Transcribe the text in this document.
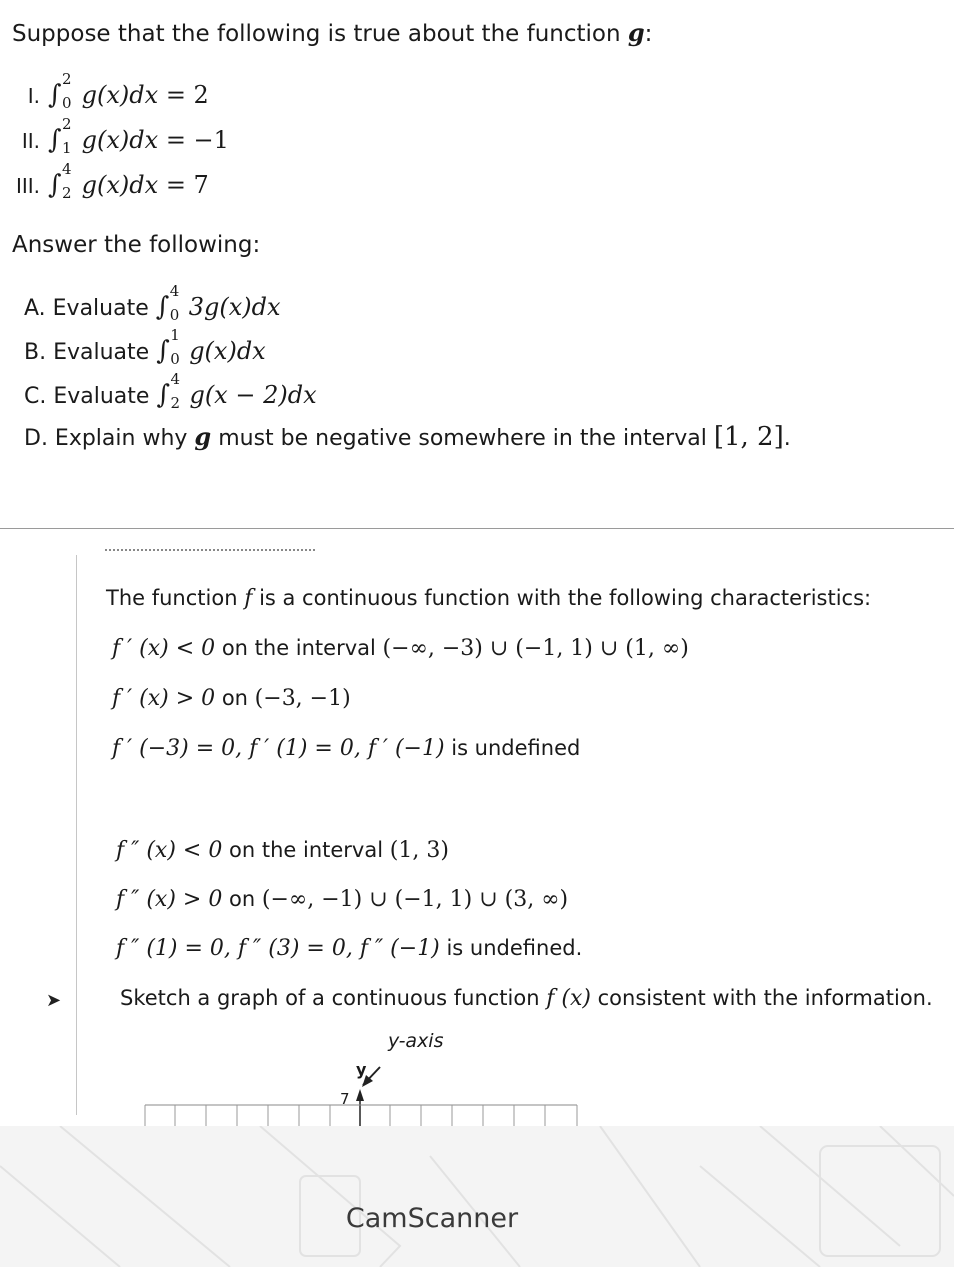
Suppose that the following is true about the function g:
I. ∫
2
0 g(x)dx = 2
II. ∫
2
1 g(x)dx = −1
III. ∫
4
2 g(x)dx = 7
Answer the following:
A. Evaluate ∫
4
0 3g(x)dx
B. Evaluate ∫
1
0 g(x)dx
C. Evaluate ∫
4
2 g(x − 2)dx
D. Explain why g must be negative somewhere in the interval [1, 2].
The function f is a continuous function with the following characteristics:
f ′ (x) < 0 on the interval (−∞, −3) ∪ (−1, 1) ∪ (1, ∞)
f ′ (x) > 0 on (−3, −1)
f ′ (−3) = 0, f ′ (1) = 0, f ′ (−1) is undefined
f ″ (x) < 0 on the interval (1, 3)
f ″ (x) > 0 on (−∞, −1) ∪ (−1, 1) ∪ (3, ∞)
f ″ (1) = 0, f ″ (3) = 0, f ″ (−1) is undefined.
➤	Sketch a graph of a continuous function f (x) consistent with the information.
y-axis
y
7
CamScanner
